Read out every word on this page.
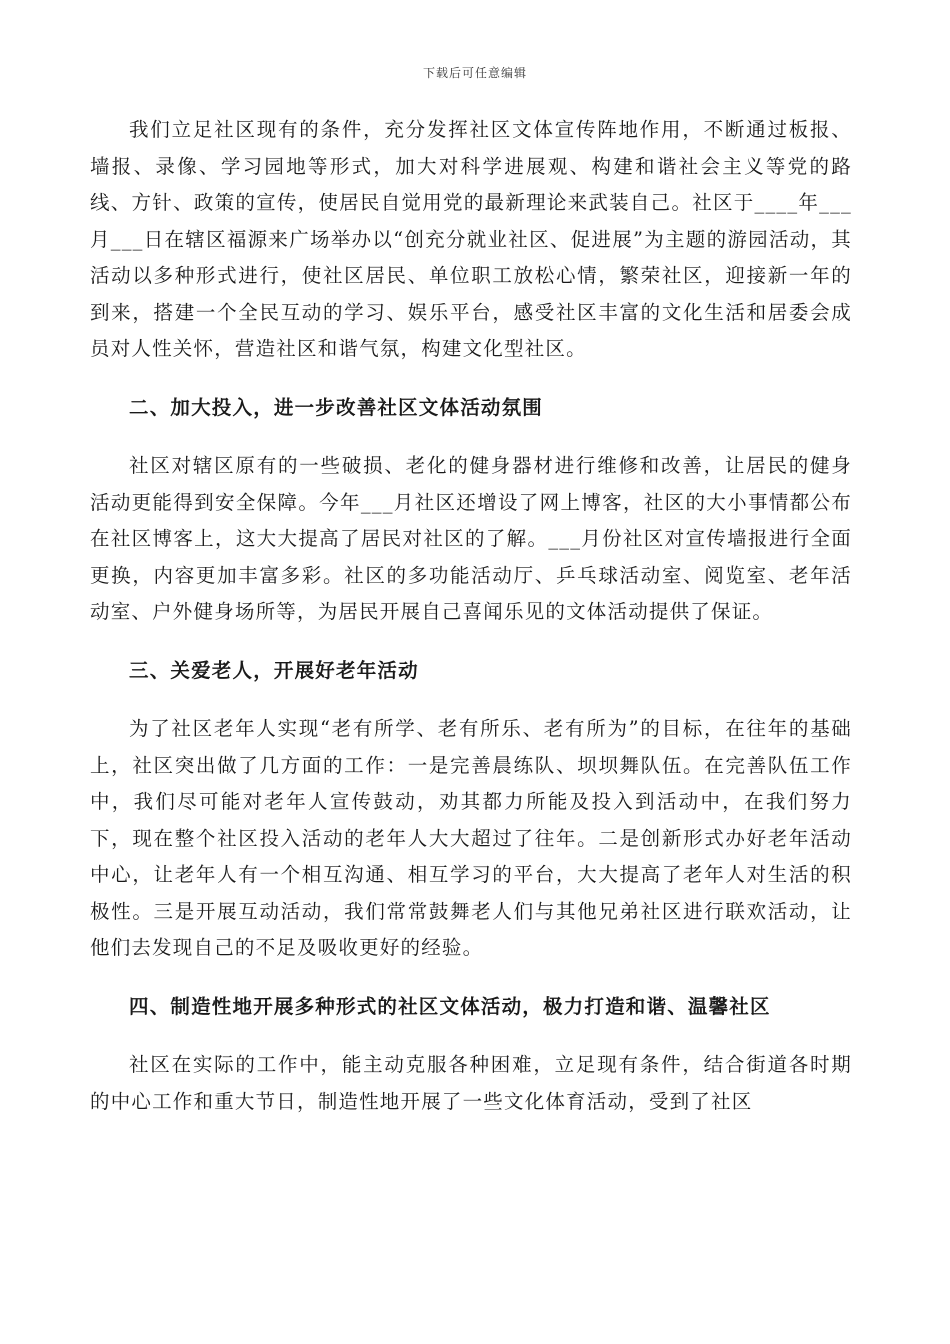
下载后可任意编辑

我们立足社区现有的条件，充分发挥社区文体宣传阵地作用，不断通过板报、墙报、录像、学习园地等形式，加大对科学进展观、构建和谐社会主义等党的路线、方针、政策的宣传，使居民自觉用党的最新理论来武装自己。社区于____年___月___日在辖区福源来广场举办以“创充分就业社区、促进展”为主题的游园活动，其活动以多种形式进行，使社区居民、单位职工放松心情，繁荣社区，迎接新一年的到来，搭建一个全民互动的学习、娱乐平台，感受社区丰富的文化生活和居委会成员对人性关怀，营造社区和谐气氛，构建文化型社区。

二、加大投入，进一步改善社区文体活动氛围

社区对辖区原有的一些破损、老化的健身器材进行维修和改善，让居民的健身活动更能得到安全保障。今年___月社区还增设了网上博客，社区的大小事情都公布在社区博客上，这大大提高了居民对社区的了解。___月份社区对宣传墙报进行全面更换，内容更加丰富多彩。社区的多功能活动厅、乒乓球活动室、阅览室、老年活动室、户外健身场所等，为居民开展自己喜闻乐见的文体活动提供了保证。

三、关爱老人，开展好老年活动

为了社区老年人实现“老有所学、老有所乐、老有所为”的目标，在往年的基础上，社区突出做了几方面的工作：一是完善晨练队、坝坝舞队伍。在完善队伍工作中，我们尽可能对老年人宣传鼓动，劝其都力所能及投入到活动中，在我们努力下，现在整个社区投入活动的老年人大大超过了往年。二是创新形式办好老年活动中心，让老年人有一个相互沟通、相互学习的平台，大大提高了老年人对生活的积极性。三是开展互动活动，我们常常鼓舞老人们与其他兄弟社区进行联欢活动，让他们去发现自己的不足及吸收更好的经验。

四、制造性地开展多种形式的社区文体活动，极力打造和谐、温馨社区

社区在实际的工作中，能主动克服各种困难，立足现有条件，结合街道各时期的中心工作和重大节日，制造性地开展了一些文化体育活动，受到了社区
